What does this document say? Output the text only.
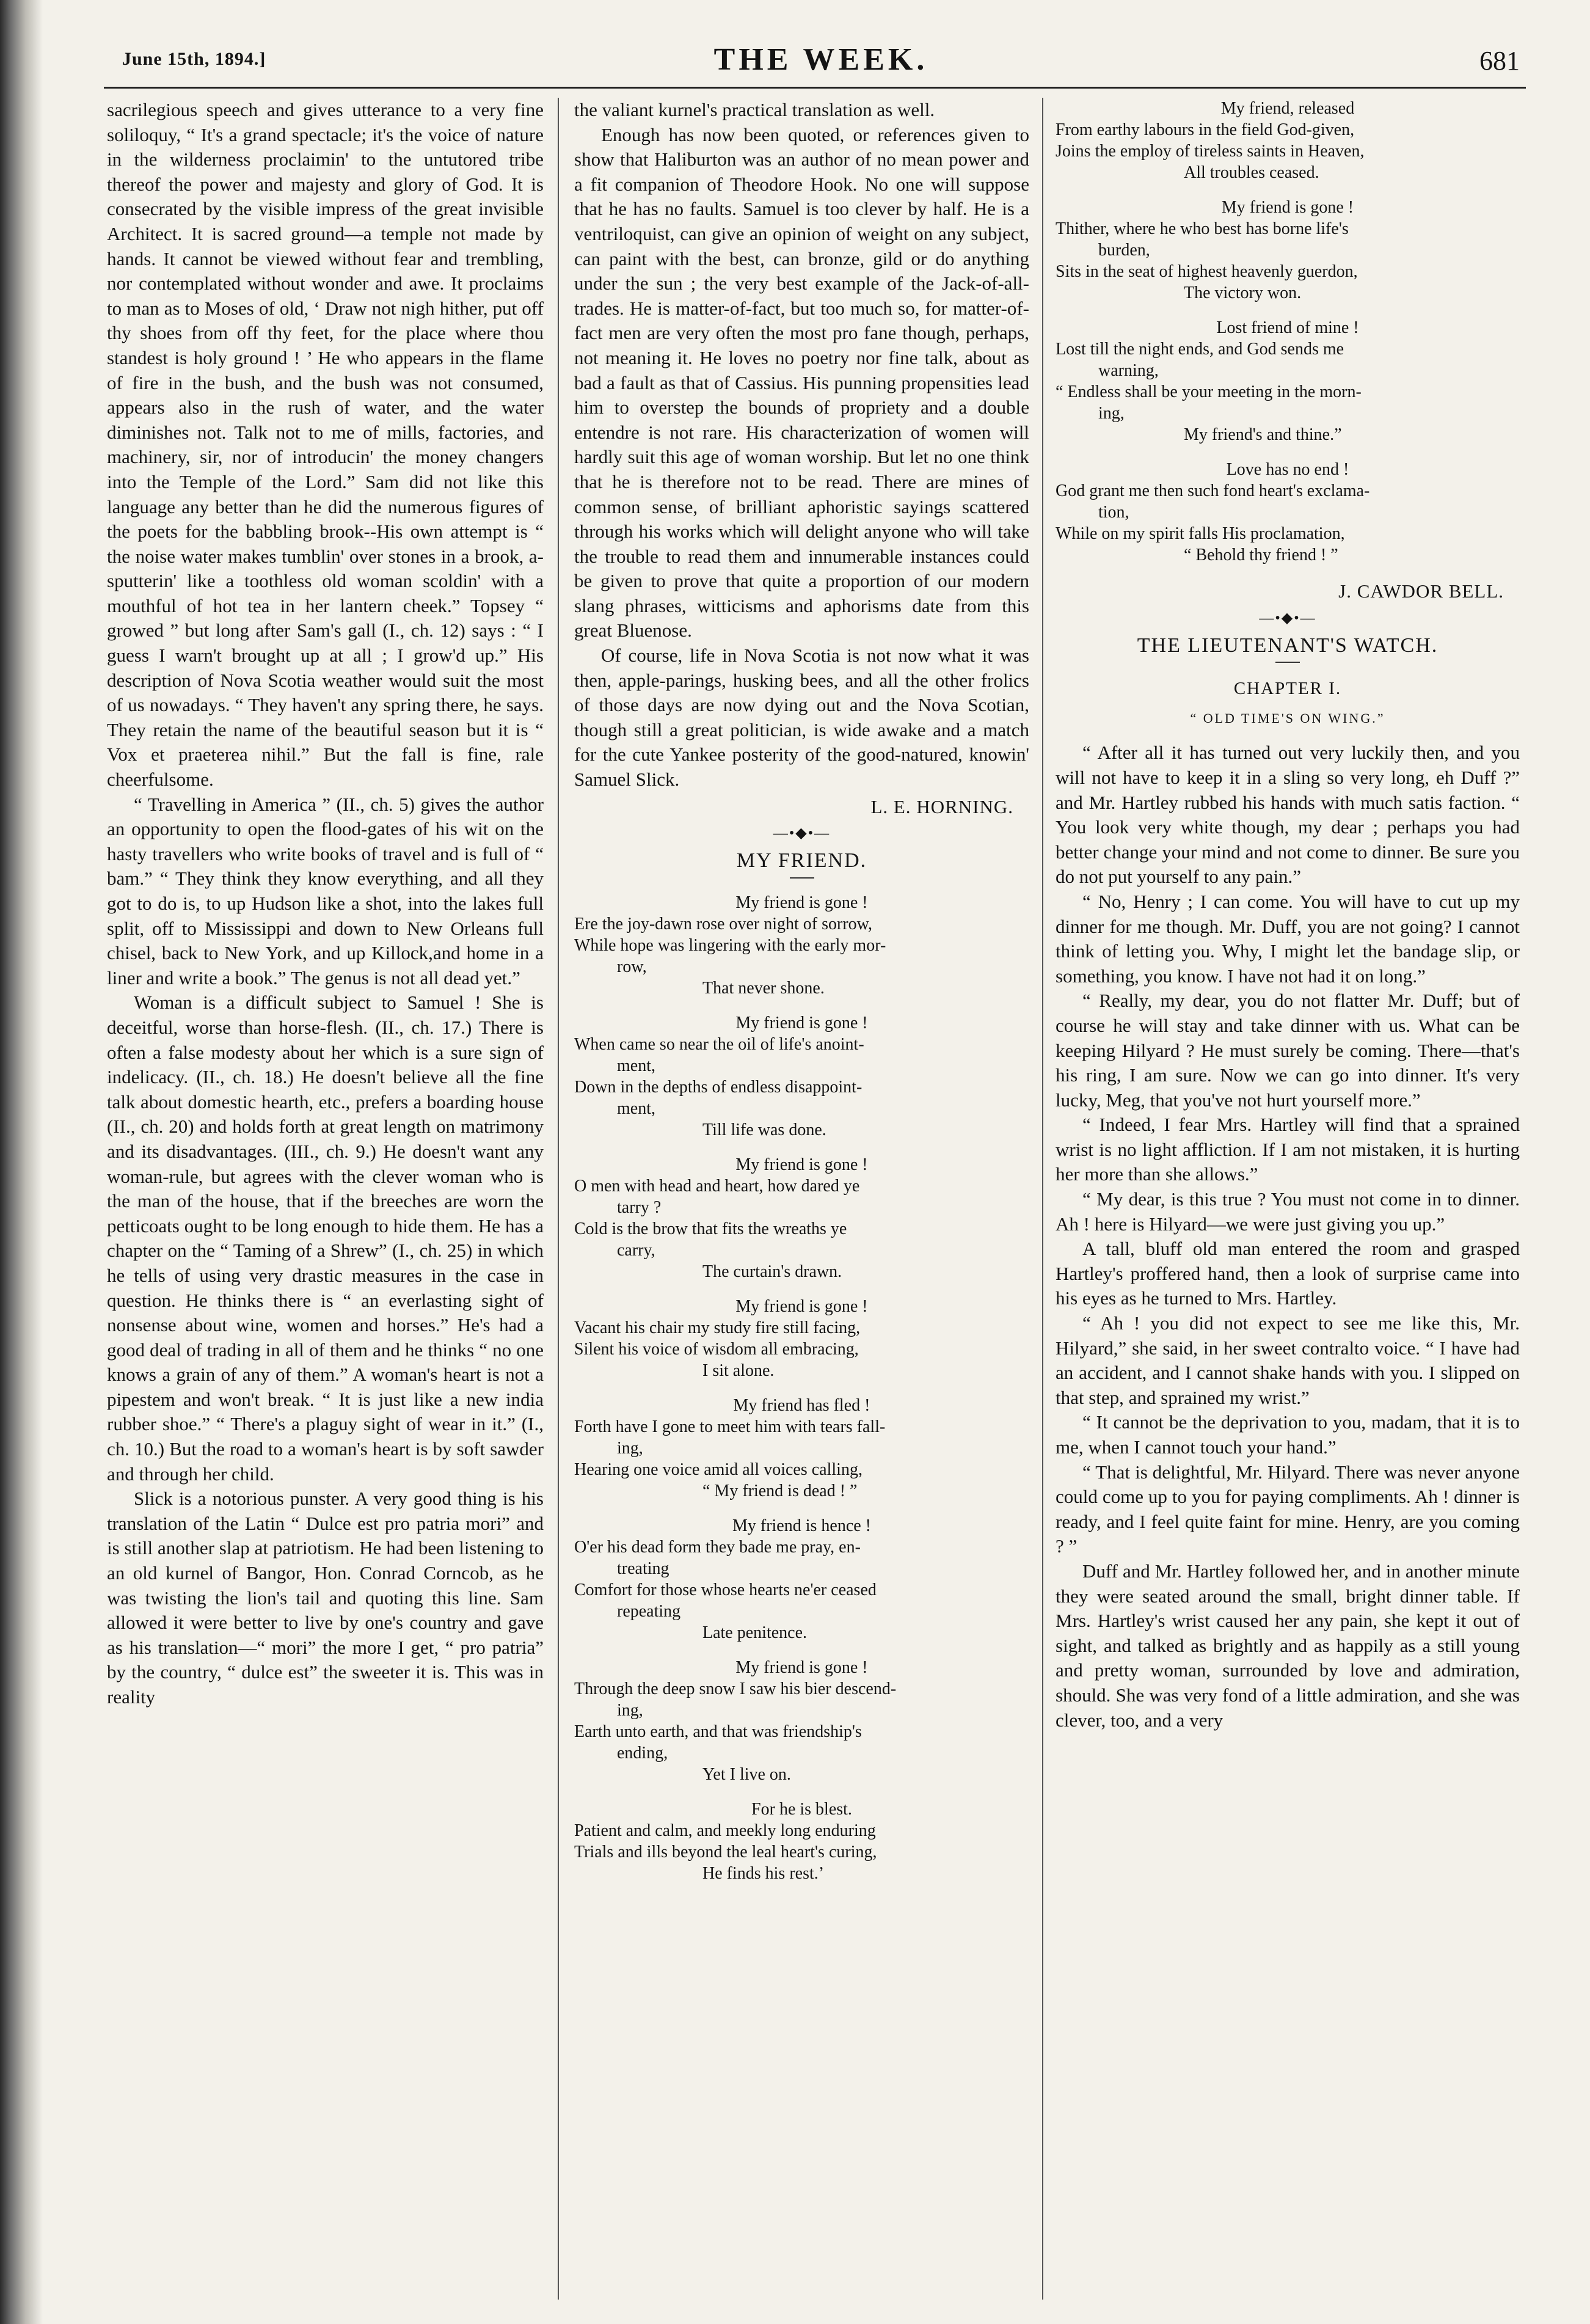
June 15th, 1894.]	THE WEEK.	681

sacrilegious speech and gives utterance to a very fine soliloquy, “ It's a grand spectacle; it's the voice of nature in the wilderness proclaimin' to the untutored tribe thereof the power and majesty and glory of God. It is consecrated by the visible impress of the great invisible Architect. It is sacred ground—a temple not made by hands. It cannot be viewed without fear and trembling, nor contemplated without wonder and awe. It proclaims to man as to Moses of old, ‘ Draw not nigh hither, put off thy shoes from off thy feet, for the place where thou standest is holy ground ! ’ He who appears in the flame of fire in the bush, and the bush was not consumed, appears also in the rush of water, and the water diminishes not. Talk not to me of mills, factories, and machinery, sir, nor of introducin' the money changers into the Temple of the Lord.” Sam did not like this language any better than he did the numerous figures of the poets for the babbling brook--His own attempt is “ the noise water makes tumblin' over stones in a brook, a-sputterin' like a toothless old woman scoldin' with a mouthful of hot tea in her lantern cheek.” Topsey “ growed ” but long after Sam's gall (I., ch. 12) says : “ I guess I warn't brought up at all ; I grow'd up.” His description of Nova Scotia weather would suit the most of us nowadays. “ They haven't any spring there, he says. They retain the name of the beautiful season but it is “ Vox et praeterea nihil.” But the fall is fine, rale cheerfulsome.

“ Travelling in America ” (II., ch. 5) gives the author an opportunity to open the flood-gates of his wit on the hasty travellers who write books of travel and is full of “ bam.” “ They think they know everything, and all they got to do is, to up Hudson like a shot, into the lakes full split, off to Mississippi and down to New Orleans full chisel, back to New York, and up Killock,and home in a liner and write a book.” The genus is not all dead yet.”

Woman is a difficult subject to Samuel ! She is deceitful, worse than horse-flesh. (II., ch. 17.) There is often a false modesty about her which is a sure sign of indelicacy. (II., ch. 18.) He doesn't believe all the fine talk about domestic hearth, etc., prefers a boarding house (II., ch. 20) and holds forth at great length on matrimony and its disadvantages. (III., ch. 9.) He doesn't want any woman-rule, but agrees with the clever woman who is the man of the house, that if the breeches are worn the petticoats ought to be long enough to hide them. He has a chapter on the “ Taming of a Shrew” (I., ch. 25) in which he tells of using very drastic measures in the case in question. He thinks there is “ an everlasting sight of nonsense about wine, women and horses.” He's had a good deal of trading in all of them and he thinks “ no one knows a grain of any of them.” A woman's heart is not a pipestem and won't break. “ It is just like a new india rubber shoe.” “ There's a plaguy sight of wear in it.” (I., ch. 10.) But the road to a woman's heart is by soft sawder and through her child.

Slick is a notorious punster. A very good thing is his translation of the Latin “ Dulce est pro patria mori” and is still another slap at patriotism. He had been listening to an old kurnel of Bangor, Hon. Conrad Corncob, as he was twisting the lion's tail and quoting this line. Sam allowed it were better to live by one's country and gave as his translation—“ mori” the more I get, “ pro patria” by the country, “ dulce est” the sweeter it is. This was in reality

the valiant kurnel's practical translation as well.

Enough has now been quoted, or references given to show that Haliburton was an author of no mean power and a fit companion of Theodore Hook. No one will suppose that he has no faults. Samuel is too clever by half. He is a ventriloquist, can give an opinion of weight on any subject, can paint with the best, can bronze, gild or do anything under the sun ; the very best example of the Jack-of-all-trades. He is matter-of-fact, but too much so, for matter-of-fact men are very often the most pro fane though, perhaps, not meaning it. He loves no poetry nor fine talk, about as bad a fault as that of Cassius. His punning propensities lead him to overstep the bounds of propriety and a double entendre is not rare. His characterization of women will hardly suit this age of woman worship. But let no one think that he is therefore not to be read. There are mines of common sense, of brilliant aphoristic sayings scattered through his works which will delight anyone who will take the trouble to read them and innumerable instances could be given to prove that quite a proportion of our modern slang phrases, witticisms and aphorisms date from this great Bluenose.

Of course, life in Nova Scotia is not now what it was then, apple-parings, husking bees, and all the other frolics of those days are now dying out and the Nova Scotian, though still a great politician, is wide awake and a match for the cute Yankee posterity of the good-natured, knowin' Samuel Slick.

L. E. HORNING.
—•◆•—
MY FRIEND.
My friend is gone !
Ere the joy-dawn rose over night of sorrow,
While hope was lingering with the early mor-
row,
That never shone.
My friend is gone !
When came so near the oil of life's anoint-
ment,
Down in the depths of endless disappoint-
ment,
Till life was done.
My friend is gone !
O men with head and heart, how dared ye
tarry ?
Cold is the brow that fits the wreaths ye
carry,
The curtain's drawn.
My friend is gone !
Vacant his chair my study fire still facing,
Silent his voice of wisdom all embracing,
I sit alone.
My friend has fled !
Forth have I gone to meet him with tears fall-
ing,
Hearing one voice amid all voices calling,
“ My friend is dead ! ”
My friend is hence !
O'er his dead form they bade me pray, en-
treating
Comfort for those whose hearts ne'er ceased
repeating
Late penitence.
My friend is gone !
Through the deep snow I saw his bier descend-
ing,
Earth unto earth, and that was friendship's
ending,
Yet I live on.
For he is blest.
Patient and calm, and meekly long enduring
Trials and ills beyond the leal heart's curing,
He finds his rest.’
My friend, released
From earthy labours in the field God-given,
Joins the employ of tireless saints in Heaven,
All troubles ceased.
My friend is gone !
Thither, where he who best has borne life's
burden,
Sits in the seat of highest heavenly guerdon,
The victory won.
Lost friend of mine !
Lost till the night ends, and God sends me
warning,
“ Endless shall be your meeting in the morn-
ing,
My friend's and thine.”
Love has no end !
God grant me then such fond heart's exclama-
tion,
While on my spirit falls His proclamation,
“ Behold thy friend ! ”
J. CAWDOR BELL.
—•◆•—
THE LIEUTENANT'S WATCH.
CHAPTER I.
“ OLD TIME'S ON WING.”

“ After all it has turned out very luckily then, and you will not have to keep it in a sling so very long, eh Duff ?” and Mr. Hartley rubbed his hands with much satis faction. “ You look very white though, my dear ; perhaps you had better change your mind and not come to dinner. Be sure you do not put yourself to any pain.”

“ No, Henry ; I can come. You will have to cut up my dinner for me though. Mr. Duff, you are not going? I cannot think of letting you. Why, I might let the bandage slip, or something, you know. I have not had it on long.”

“ Really, my dear, you do not flatter Mr. Duff; but of course he will stay and take dinner with us. What can be keeping Hilyard ? He must surely be coming. There—that's his ring, I am sure. Now we can go into dinner. It's very lucky, Meg, that you've not hurt yourself more.”

“ Indeed, I fear Mrs. Hartley will find that a sprained wrist is no light affliction. If I am not mistaken, it is hurting her more than she allows.”

“ My dear, is this true ? You must not come in to dinner. Ah ! here is Hilyard—we were just giving you up.”

A tall, bluff old man entered the room and grasped Hartley's proffered hand, then a look of surprise came into his eyes as he turned to Mrs. Hartley.

“ Ah ! you did not expect to see me like this, Mr. Hilyard,” she said, in her sweet contralto voice. “ I have had an accident, and I cannot shake hands with you. I slipped on that step, and sprained my wrist.”

“ It cannot be the deprivation to you, madam, that it is to me, when I cannot touch your hand.”

“ That is delightful, Mr. Hilyard. There was never anyone could come up to you for paying compliments. Ah ! dinner is ready, and I feel quite faint for mine. Henry, are you coming ? ”

Duff and Mr. Hartley followed her, and in another minute they were seated around the small, bright dinner table. If Mrs. Hartley's wrist caused her any pain, she kept it out of sight, and talked as brightly and as happily as a still young and pretty woman, surrounded by love and admiration, should. She was very fond of a little admiration, and she was clever, too, and a very
